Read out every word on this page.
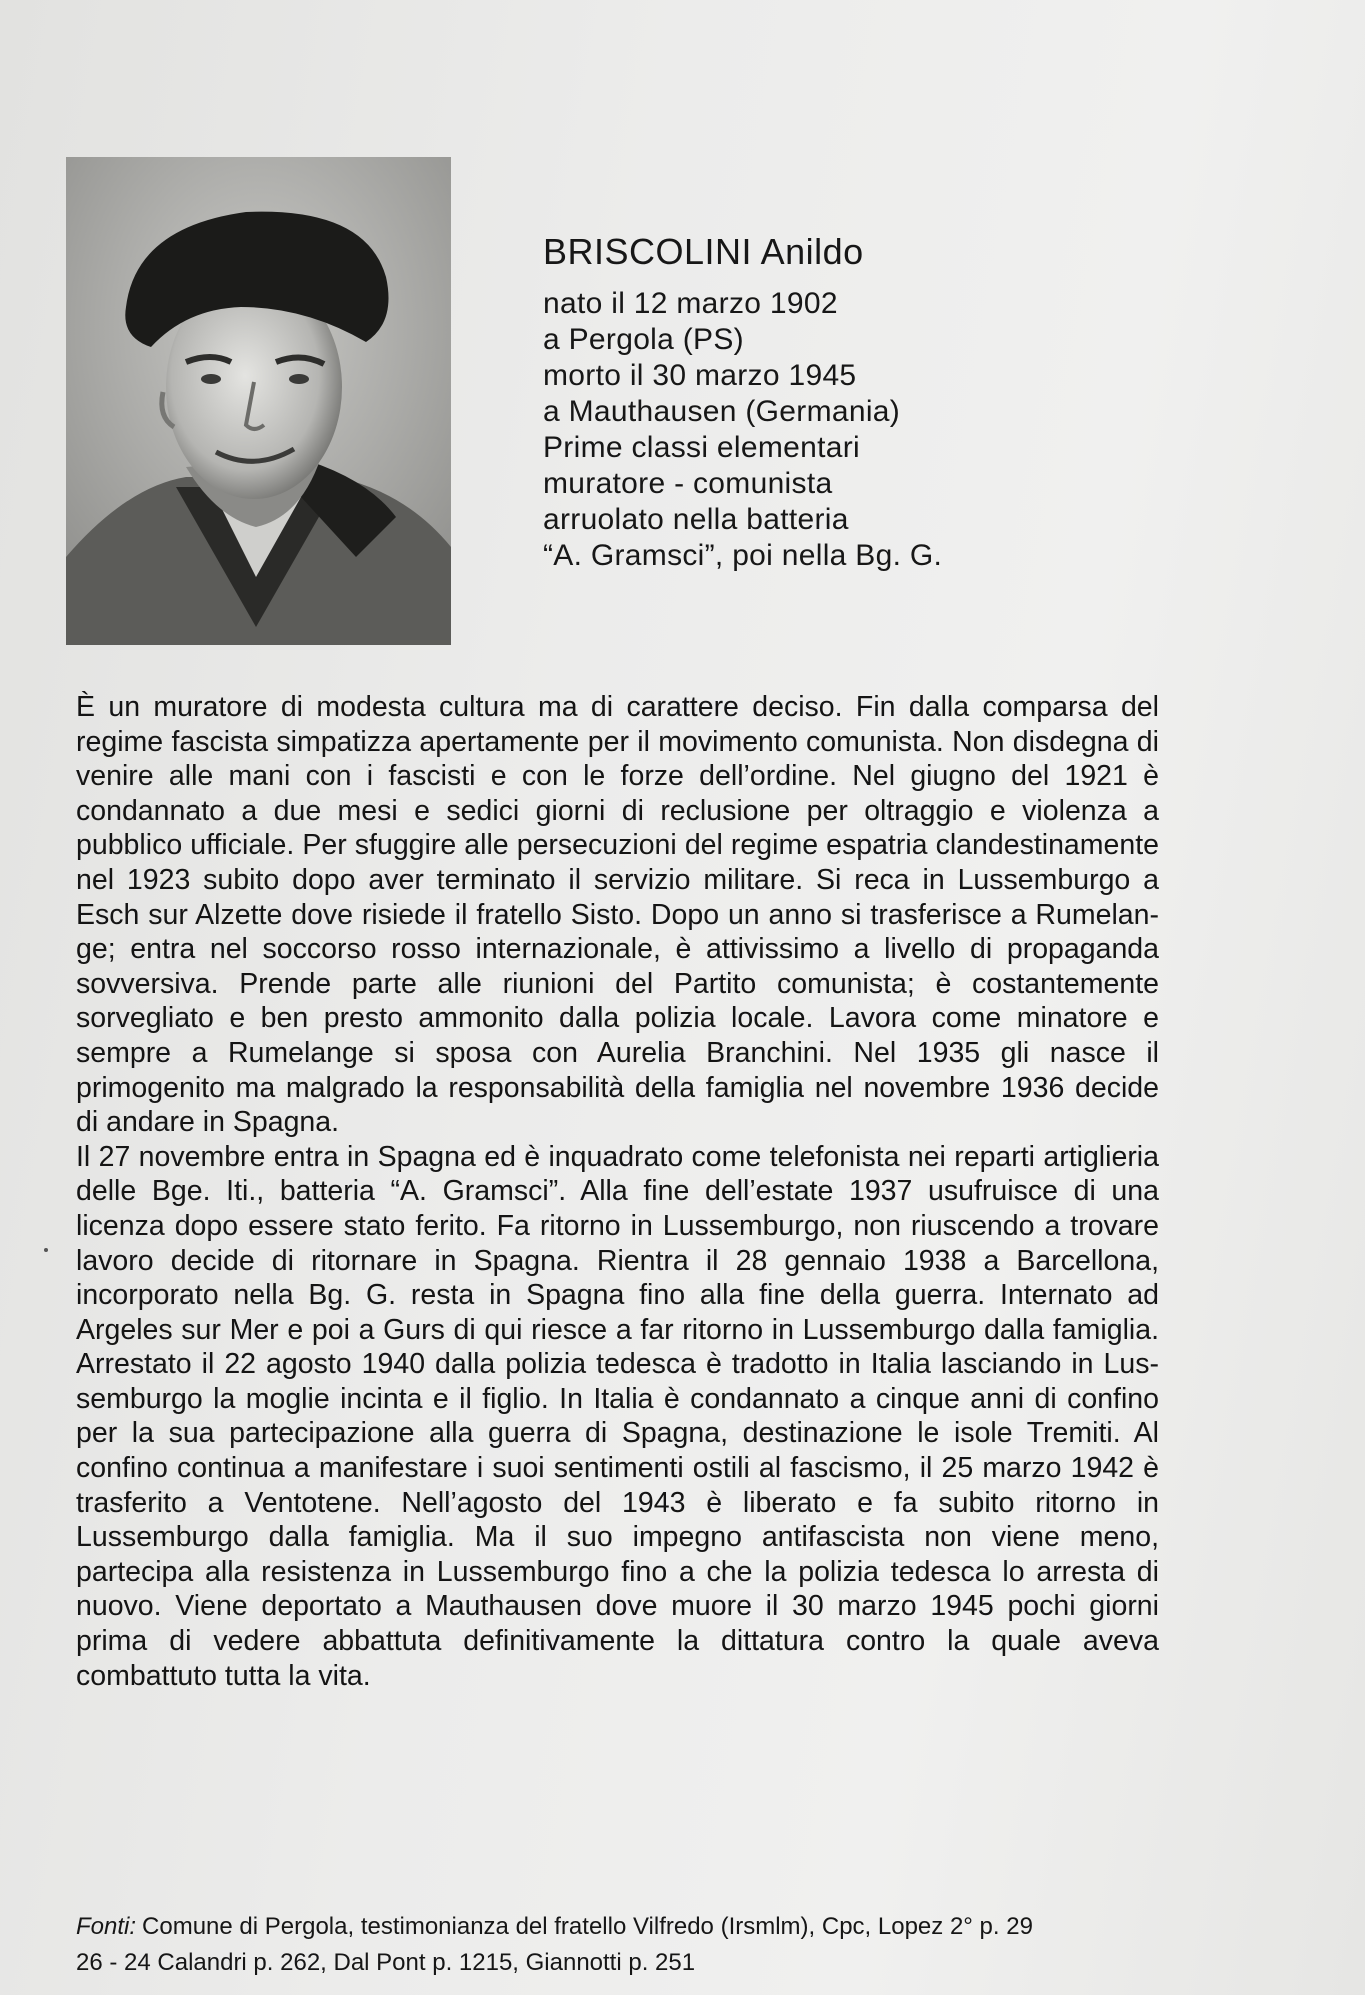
BRISCOLINI Anildo
nato il 12 marzo 1902
a Pergola (PS)
morto il 30 marzo 1945
a Mauthausen (Germania)
Prime classi elementari
muratore - comunista
arruolato nella batteria
“A. Gramsci”, poi nella Bg. G.

È un muratore di modesta cultura ma di carattere deciso. Fin dalla comparsa del regime fascista simpatizza apertamente per il movimento comunista. Non disdegna di venire alle mani con i fascisti e con le forze dell’ordine. Nel giugno del 1921 è condannato a due mesi e sedici giorni di reclusione per oltraggio e violenza a pubblico ufficiale. Per sfuggire alle persecuzioni del regime espatria clandestinamente nel 1923 subito dopo aver terminato il servizio militare. Si reca in Lussemburgo a Esch sur Alzette dove risiede il fratello Sisto. Dopo un anno si trasferisce a Rumelange; entra nel soccorso rosso internazionale, è attivissimo a livello di propaganda sovversiva. Prende parte alle riunioni del Partito comunista; è costantemente sorvegliato e ben presto ammonito dalla polizia locale. Lavora come minatore e sempre a Rumelange si sposa con Aurelia Branchini. Nel 1935 gli nasce il primogenito ma malgrado la responsabilità della famiglia nel novembre 1936 decide di andare in Spagna.

Il 27 novembre entra in Spagna ed è inquadrato come telefonista nei reparti artiglieria delle Bge. Iti., batteria “A. Gramsci”. Alla fine dell’estate 1937 usufruisce di una licenza dopo essere stato ferito. Fa ritorno in Lussemburgo, non riuscendo a trovare lavoro decide di ritornare in Spagna. Rientra il 28 gennaio 1938 a Barcellona, incorporato nella Bg. G. resta in Spagna fino alla fine della guerra. Internato ad Argeles sur Mer e poi a Gurs di qui riesce a far ritorno in Lussemburgo dalla famiglia. Arrestato il 22 agosto 1940 dalla polizia tedesca è tradotto in Italia lasciando in Lussemburgo la moglie incinta e il figlio. In Italia è condannato a cinque anni di confino per la sua partecipazione alla guerra di Spagna, destinazione le isole Tremiti. Al confino continua a manifestare i suoi sentimenti ostili al fascismo, il 25 marzo 1942 è trasferito a Ventotene. Nell’agosto del 1943 è liberato e fa subito ritorno in Lussemburgo dalla famiglia. Ma il suo impegno antifascista non viene meno, partecipa alla resistenza in Lussemburgo fino a che la polizia tedesca lo arresta di nuovo. Viene deportato a Mauthausen dove muore il 30 marzo 1945 pochi giorni prima di vedere abbattuta definitivamente la dittatura contro la quale aveva combattuto tutta la vita.

Fonti: Comune di Pergola, testimonianza del fratello Vilfredo (Irsmlm), Cpc, Lopez 2° p. 29
26 - 24 Calandri p. 262, Dal Pont p. 1215, Giannotti p. 251
